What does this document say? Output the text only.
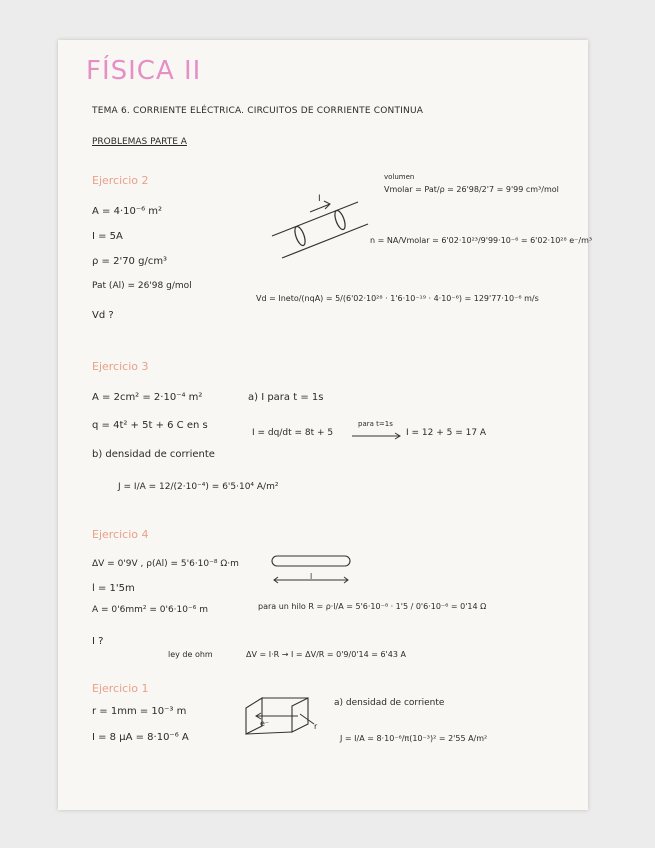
FÍSICA II
TEMA 6. CORRIENTE ELÉCTRICA. CIRCUITOS DE CORRIENTE CONTINUA
PROBLEMAS PARTE A
Ejercicio 2
A = 4·10⁻⁶ m²
I = 5A
ρ = 2'70 g/cm³
Pat (Al) = 26'98 g/mol
Vd ?
I
volumen
Vmolar = Pat/ρ = 26'98/2'7 = 9'99 cm³/mol
n = NA/Vmolar = 6'02·10²³/9'99·10⁻⁶ = 6'02·10²⁸ e⁻/m³
Vd = Ineto/(nqA) = 5/(6'02·10²⁸ · 1'6·10⁻¹⁹ · 4·10⁻⁶) = 129'77·10⁻⁶ m/s
Ejercicio 3
A = 2cm² = 2·10⁻⁴ m²
q = 4t² + 5t + 6 C en s
a) I para t = 1s
I = dq/dt = 8t + 5
para t=1s
I = 12 + 5 = 17 A
b) densidad de corriente
J = I/A = 12/(2·10⁻⁴) = 6'5·10⁴ A/m²
Ejercicio 4
ΔV = 0'9V , ρ(Al) = 5'6·10⁻⁸ Ω·m
l = 1'5m
A = 0'6mm² = 0'6·10⁻⁶ m
I ?
l
para un hilo R = ρ·l/A = 5'6·10⁻⁸ · 1'5 / 0'6·10⁻⁶ = 0'14 Ω
ley de ohm	ΔV = I·R → I = ΔV/R = 0'9/0'14 = 6'43 A
Ejercicio 1
r = 1mm = 10⁻³ m
I = 8 μA = 8·10⁻⁶ A
e⁻	r
a) densidad de corriente
J = I/A = 8·10⁻⁶/π(10⁻³)² = 2'55 A/m²
